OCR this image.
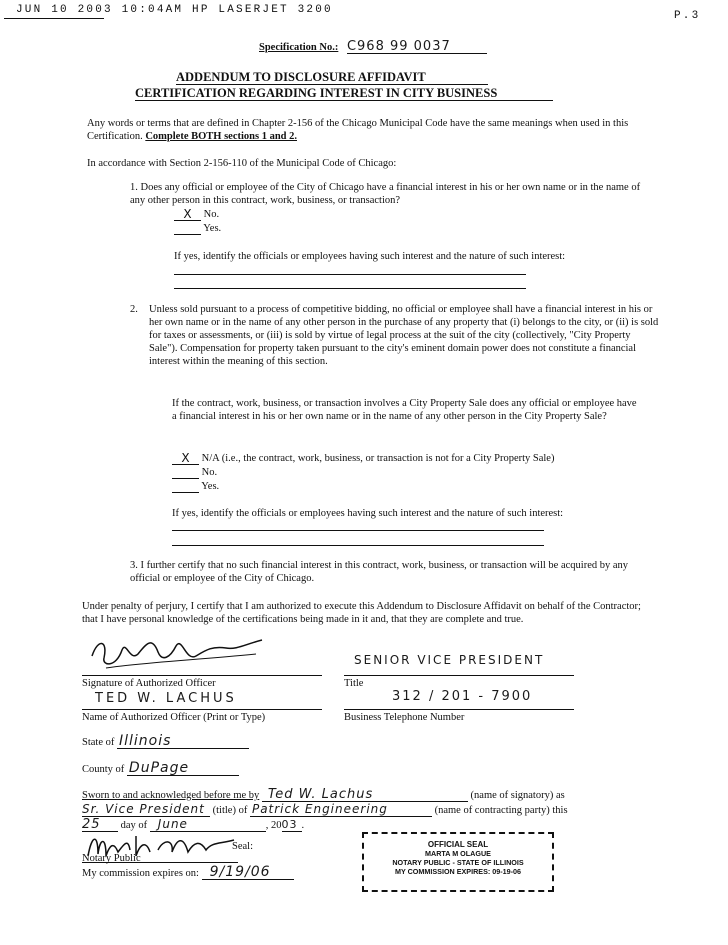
JUN 10 2003 10:04AM HP LASERJET 3200	P.3
Specification No.: C968 99 0037
ADDENDUM TO DISCLOSURE AFFIDAVIT
CERTIFICATION REGARDING INTEREST IN CITY BUSINESS
Any words or terms that are defined in Chapter 2-156 of the Chicago Municipal Code have the same meanings when used in this Certification. Complete BOTH sections 1 and 2.
In accordance with Section 2-156-110 of the Municipal Code of Chicago:
1. Does any official or employee of the City of Chicago have a financial interest in his or her own name or in the name of any other person in this contract, work, business, or transaction?
X No.
Yes.
If yes, identify the officials or employees having such interest and the nature of such interest:
2. Unless sold pursuant to a process of competitive bidding, no official or employee shall have a financial interest in his or her own name or in the name of any other person in the purchase of any property that (i) belongs to the city, or (ii) is sold for taxes or assessments, or (iii) is sold by virtue of legal process at the suit of the city (collectively, "City Property Sale"). Compensation for property taken pursuant to the city's eminent domain power does not constitute a financial interest within the meaning of this section.
If the contract, work, business, or transaction involves a City Property Sale does any official or employee have a financial interest in his or her own name or in the name of any other person in the City Property Sale?
X N/A (i.e., the contract, work, business, or transaction is not for a City Property Sale)
No.
Yes.
If yes, identify the officials or employees having such interest and the nature of such interest:
3. I further certify that no such financial interest in this contract, work, business, or transaction will be acquired by any official or employee of the City of Chicago.
Under penalty of perjury, I certify that I am authorized to execute this Addendum to Disclosure Affidavit on behalf of the Contractor; that I have personal knowledge of the certifications being made in it and, that they are complete and true.
Signature of Authorized Officer
SENIOR VICE PRESIDENT
Title
TED W. LACHUS
Name of Authorized Officer (Print or Type)
312 / 201 - 7900
Business Telephone Number
State of Illinois
County of DuPage
Sworn to and acknowledged before me by Ted W. Lachus	(name of signatory) as
Sr. Vice President (title) of Patrick Engineering	(name of contracting party) this
25 day of June	, 2003 .
Seal:
Notary Public
My commission expires on: 9/19/06
OFFICIAL SEAL
MARTA M OLAGUE
NOTARY PUBLIC - STATE OF ILLINOIS
MY COMMISSION EXPIRES: 09-19-06
